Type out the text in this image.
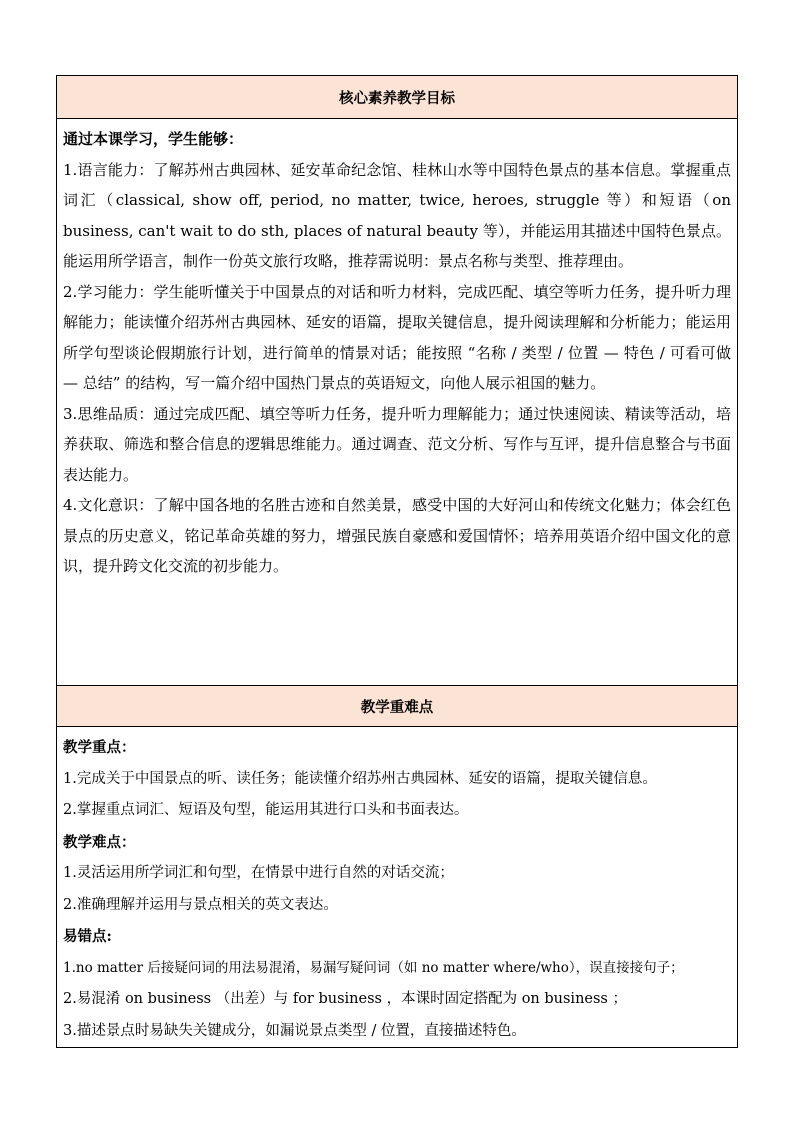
核心素养教学目标

通过本课学习，学生能够：

1.语言能力：了解苏州古典园林、延安革命纪念馆、桂林山水等中国特色景点的基本信息。掌握重点词汇（classical, show off, period, no matter, twice, heroes, struggle 等）和短语（on business, can't wait to do sth, places of natural beauty 等），并能运用其描述中国特色景点。能运用所学语言，制作一份英文旅行攻略，推荐需说明：景点名称与类型、推荐理由。

2.学习能力：学生能听懂关于中国景点的对话和听力材料，完成匹配、填空等听力任务，提升听力理解能力；能读懂介绍苏州古典园林、延安的语篇，提取关键信息，提升阅读理解和分析能力；能运用所学句型谈论假期旅行计划，进行简单的情景对话；能按照 “名称 / 类型 / 位置 — 特色 / 可看可做 — 总结” 的结构，写一篇介绍中国热门景点的英语短文，向他人展示祖国的魅力。

3.思维品质：通过完成匹配、填空等听力任务，提升听力理解能力；通过快速阅读、精读等活动，培养获取、筛选和整合信息的逻辑思维能力。通过调查、范文分析、写作与互评，提升信息整合与书面表达能力。

4.文化意识：了解中国各地的名胜古迹和自然美景，感受中国的大好河山和传统文化魅力；体会红色景点的历史意义，铭记革命英雄的努力，增强民族自豪感和爱国情怀；培养用英语介绍中国文化的意识，提升跨文化交流的初步能力。

教学重难点

教学重点：

1.完成关于中国景点的听、读任务；能读懂介绍苏州古典园林、延安的语篇，提取关键信息。

2.掌握重点词汇、短语及句型，能运用其进行口头和书面表达。

教学难点：

1.灵活运用所学词汇和句型，在情景中进行自然的对话交流；

2.准确理解并运用与景点相关的英文表达。

易错点:

1.no matter 后接疑问词的用法易混淆，易漏写疑问词（如 no matter where/who），误直接接句子；

2.易混淆 on business （出差）与 for business ，本课时固定搭配为 on business ；

3.描述景点时易缺失关键成分，如漏说景点类型 / 位置，直接描述特色。
